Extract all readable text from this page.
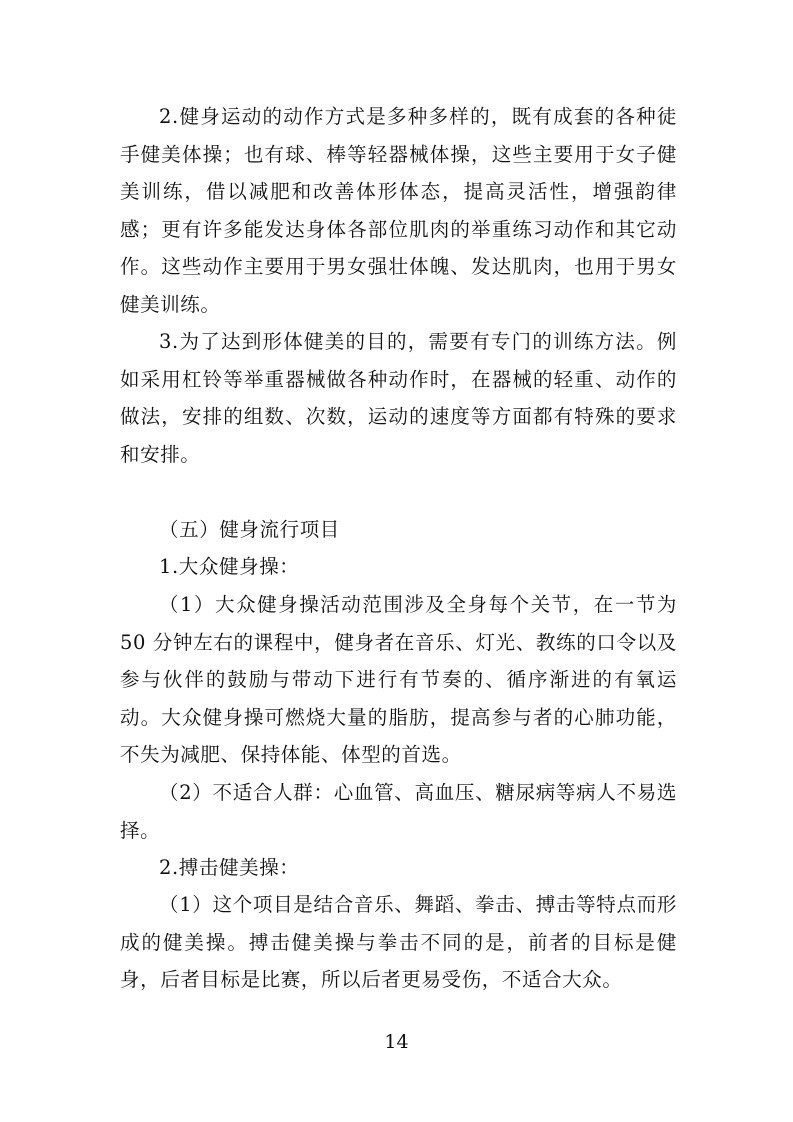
2.健身运动的动作方式是多种多样的，既有成套的各种徒手健美体操；也有球、棒等轻器械体操，这些主要用于女子健美训练，借以减肥和改善体形体态，提高灵活性，增强韵律感；更有许多能发达身体各部位肌肉的举重练习动作和其它动作。这些动作主要用于男女强壮体魄、发达肌肉，也用于男女健美训练。

3.为了达到形体健美的目的，需要有专门的训练方法。例如采用杠铃等举重器械做各种动作时，在器械的轻重、动作的做法，安排的组数、次数，运动的速度等方面都有特殊的要求和安排。

（五）健身流行项目

1.大众健身操：

（1）大众健身操活动范围涉及全身每个关节，在一节为 50 分钟左右的课程中，健身者在音乐、灯光、教练的口令以及参与伙伴的鼓励与带动下进行有节奏的、循序渐进的有氧运动。大众健身操可燃烧大量的脂肪，提高参与者的心肺功能，不失为减肥、保持体能、体型的首选。

（2）不适合人群：心血管、高血压、糖尿病等病人不易选择。

2.搏击健美操：

（1）这个项目是结合音乐、舞蹈、拳击、搏击等特点而形成的健美操。搏击健美操与拳击不同的是，前者的目标是健身，后者目标是比赛，所以后者更易受伤，不适合大众。

14
